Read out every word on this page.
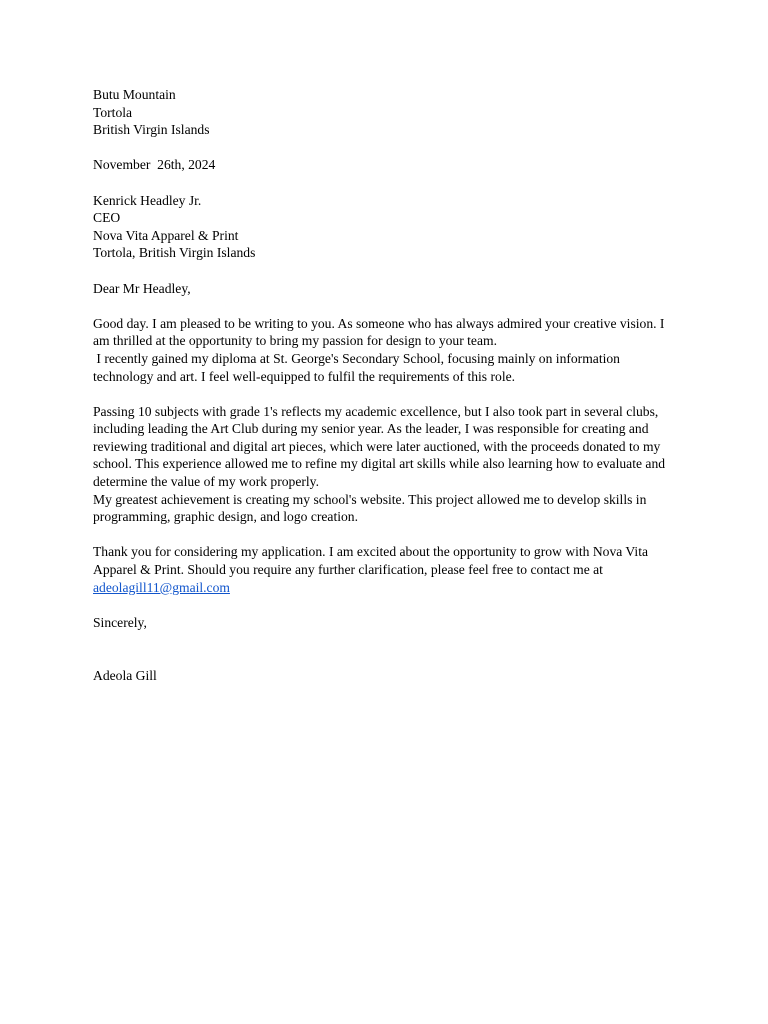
Butu Mountain
Tortola
British Virgin Islands
November  26th, 2024
Kenrick Headley Jr.
CEO
Nova Vita Apparel & Print
Tortola, British Virgin Islands
Dear Mr Headley,
Good day. I am pleased to be writing to you. As someone who has always admired your creative vision. I am thrilled at the opportunity to bring my passion for design to your team.
I recently gained my diploma at St. George's Secondary School, focusing mainly on information technology and art. I feel well-equipped to fulfil the requirements of this role.
Passing 10 subjects with grade 1's reflects my academic excellence, but I also took part in several clubs, including leading the Art Club during my senior year. As the leader, I was responsible for creating and reviewing traditional and digital art pieces, which were later auctioned, with the proceeds donated to my school. This experience allowed me to refine my digital art skills while also learning how to evaluate and determine the value of my work properly.
My greatest achievement is creating my school's website. This project allowed me to develop skills in programming, graphic design, and logo creation.
Thank you for considering my application. I am excited about the opportunity to grow with Nova Vita Apparel & Print. Should you require any further clarification, please feel free to contact me at
adeolagill11@gmail.com
Sincerely,
Adeola Gill
